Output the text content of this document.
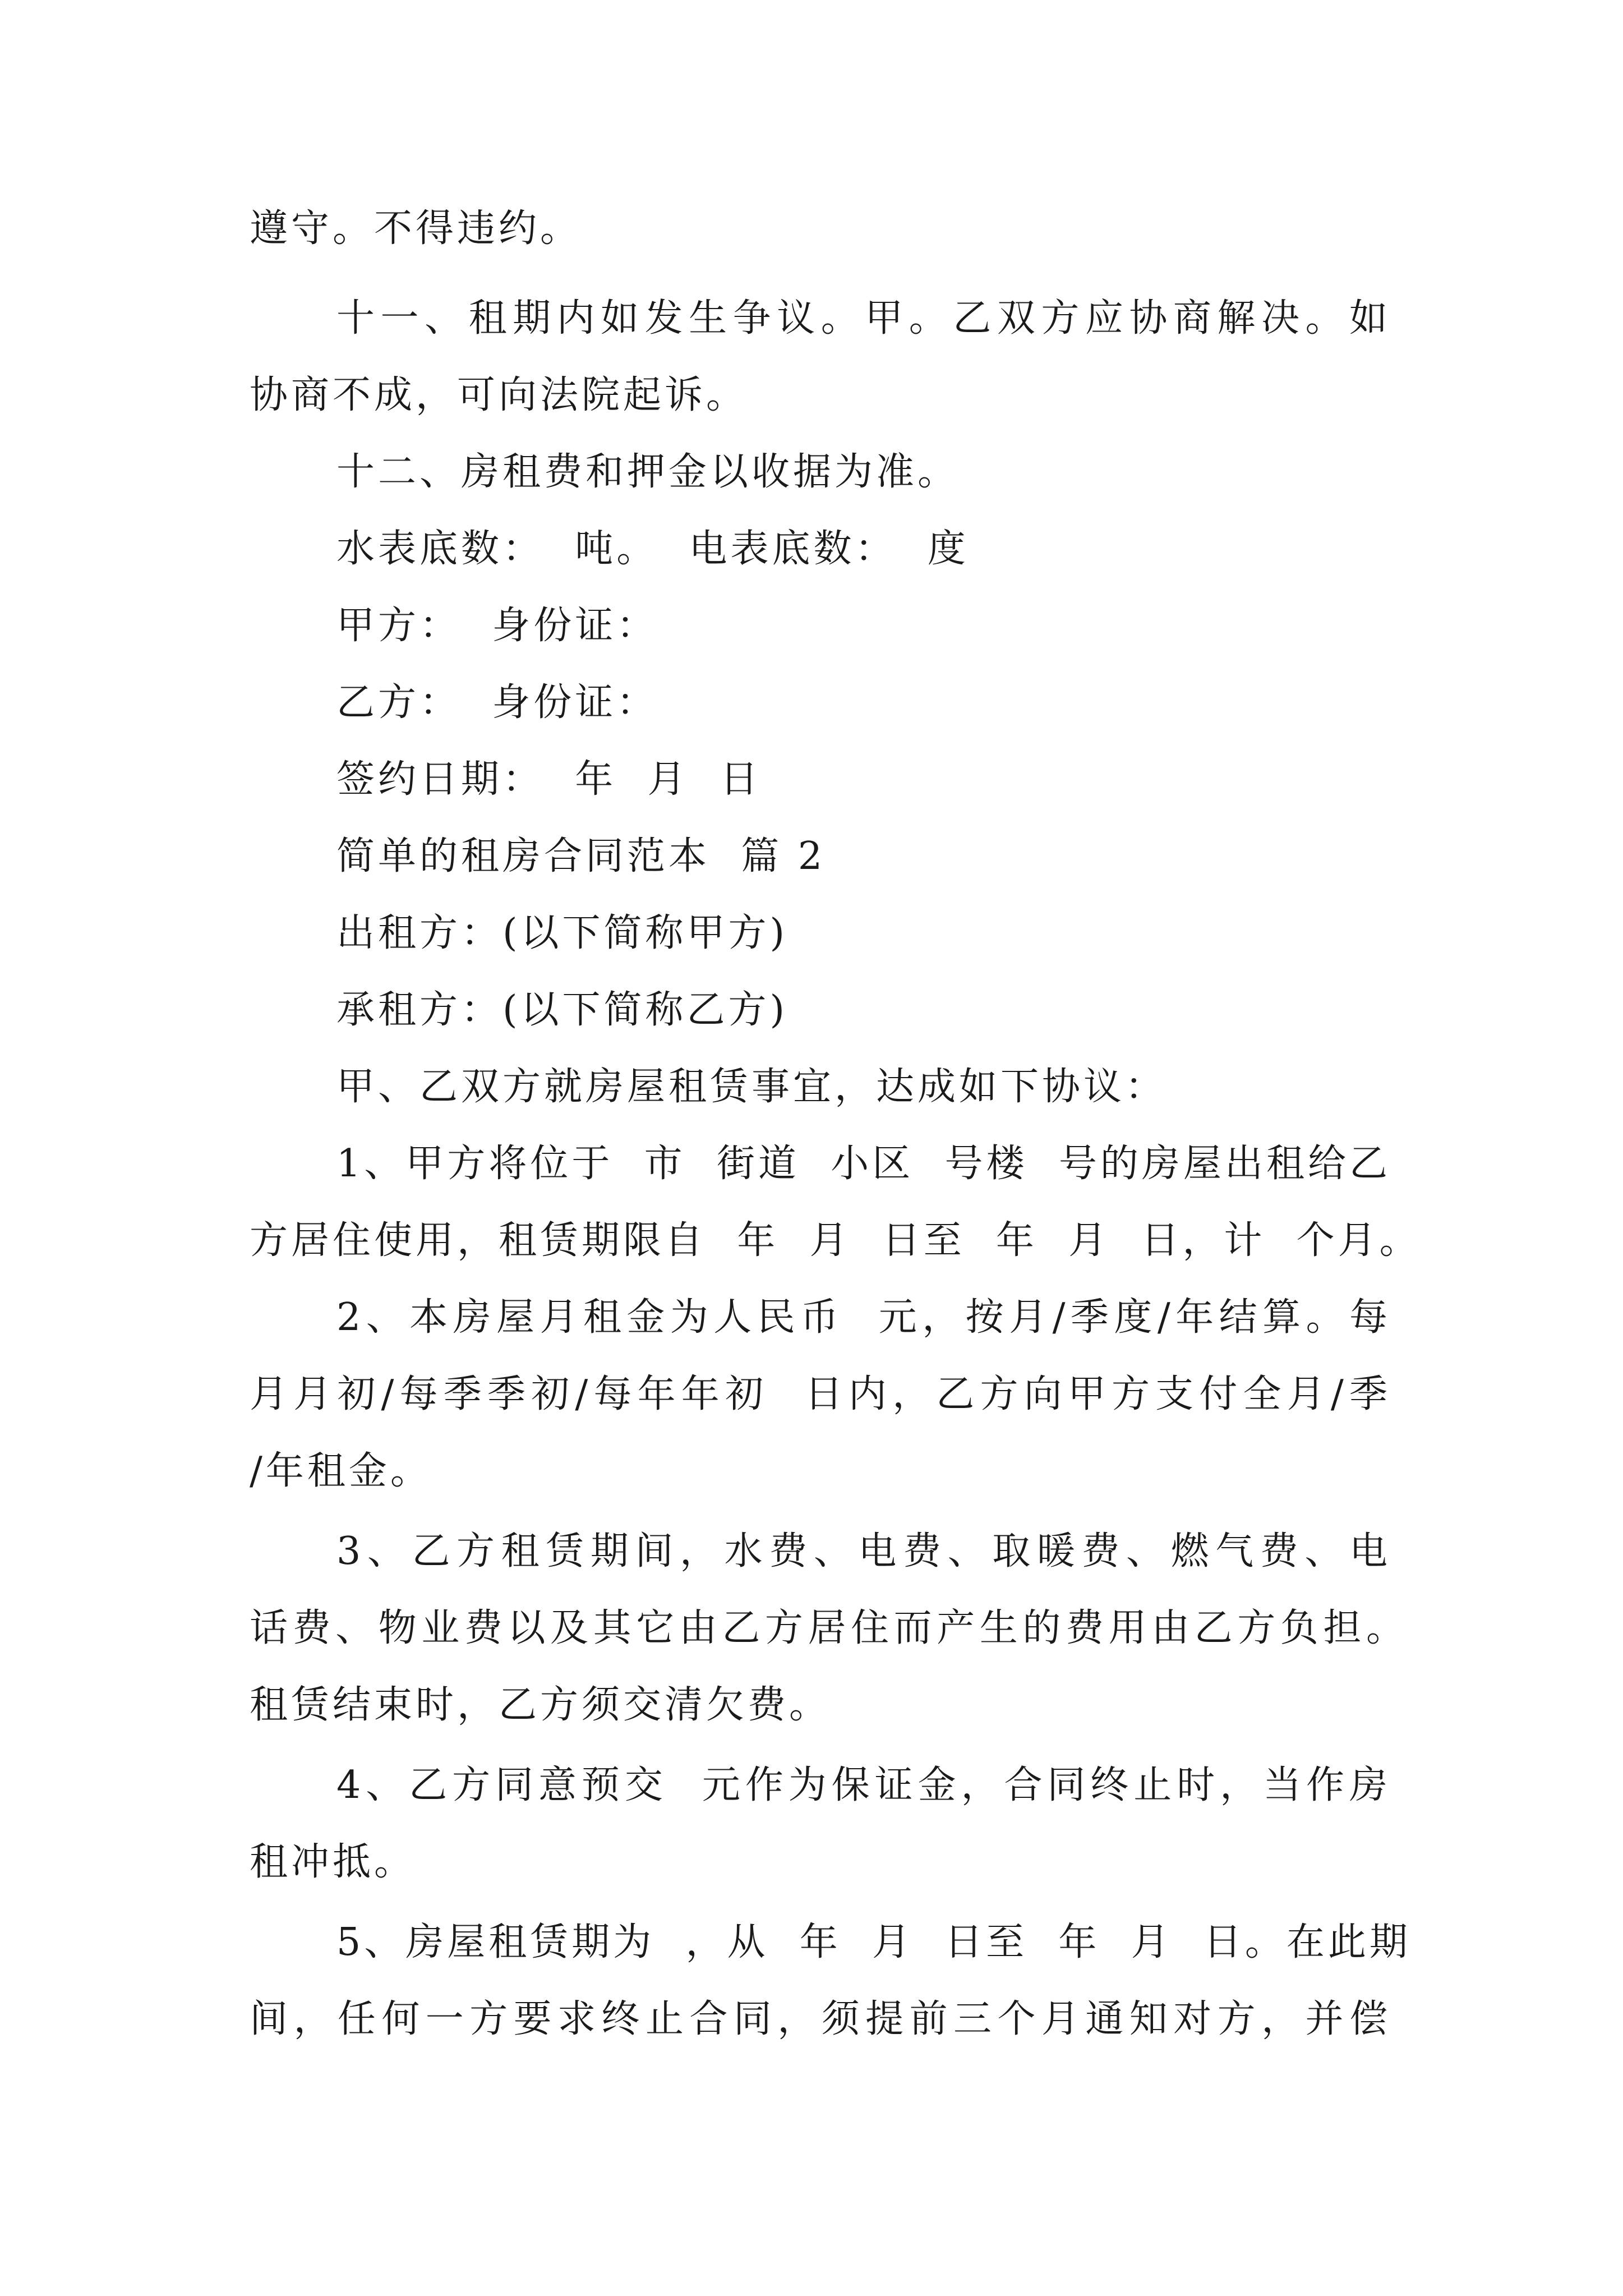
遵守。不得违约。
十一、租期内如发生争议。甲。乙双方应协商解决。如
协商不成，可向法院起诉。
十二、房租费和押金以收据为准。
水表底数：  吨。  电表底数：  度
甲方：  身份证：
乙方：  身份证：
签约日期：  年  月  日
简单的租房合同范本  篇 2
出租方：(以下简称甲方)
承租方：(以下简称乙方)
甲、乙双方就房屋租赁事宜，达成如下协议：
1、甲方将位于  市  街道  小区  号楼  号的房屋出租给乙
方居住使用，租赁期限自  年  月  日至  年  月  日，计  个月。
2、本房屋月租金为人民币  元，按月/季度/年结算。每
月月初/每季季初/每年年初  日内，乙方向甲方支付全月/季
/年租金。
3、乙方租赁期间，水费、电费、取暖费、燃气费、电
话费、物业费以及其它由乙方居住而产生的费用由乙方负担。
租赁结束时，乙方须交清欠费。
4、乙方同意预交  元作为保证金，合同终止时，当作房
租冲抵。
5、房屋租赁期为  ，从  年  月  日至  年  月  日。在此期
间，任何一方要求终止合同，须提前三个月通知对方，并偿
